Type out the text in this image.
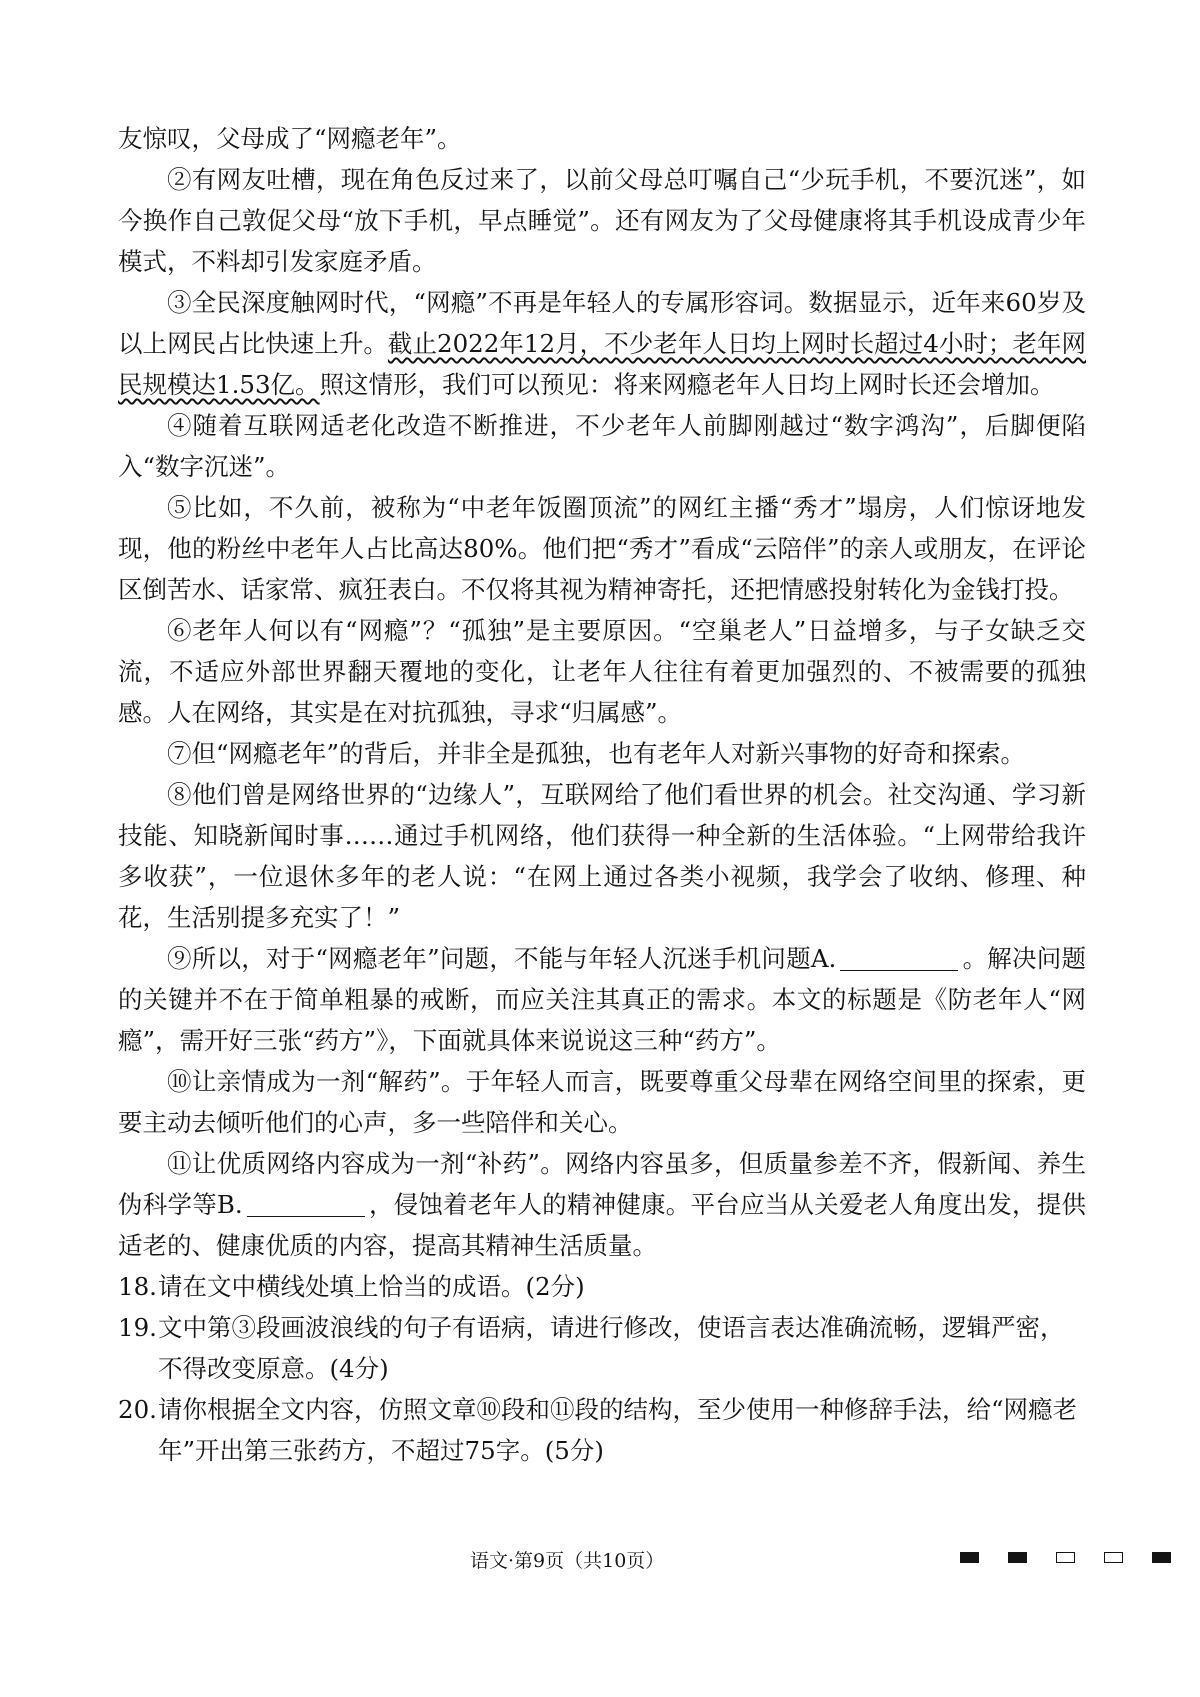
友惊叹，父母成了“网瘾老年”。

②有网友吐槽，现在角色反过来了，以前父母总叮嘱自己“少玩手机，不要沉迷”，如今换作自己敦促父母“放下手机，早点睡觉”。还有网友为了父母健康将其手机设成青少年模式，不料却引发家庭矛盾。

③全民深度触网时代，“网瘾”不再是年轻人的专属形容词。数据显示，近年来60岁及以上网民占比快速上升。截止2022年12月，不少老年人日均上网时长超过4小时；老年网民规模达1.53亿。照这情形，我们可以预见：将来网瘾老年人日均上网时长还会增加。

④随着互联网适老化改造不断推进，不少老年人前脚刚越过“数字鸿沟”，后脚便陷入“数字沉迷”。

⑤比如，不久前，被称为“中老年饭圈顶流”的网红主播“秀才”塌房，人们惊讶地发现，他的粉丝中老年人占比高达80%。他们把“秀才”看成“云陪伴”的亲人或朋友，在评论区倒苦水、话家常、疯狂表白。不仅将其视为精神寄托，还把情感投射转化为金钱打投。

⑥老年人何以有“网瘾”？“孤独”是主要原因。“空巢老人”日益增多，与子女缺乏交流，不适应外部世界翻天覆地的变化，让老年人往往有着更加强烈的、不被需要的孤独感。人在网络，其实是在对抗孤独，寻求“归属感”。

⑦但“网瘾老年”的背后，并非全是孤独，也有老年人对新兴事物的好奇和探索。

⑧他们曾是网络世界的“边缘人”，互联网给了他们看世界的机会。社交沟通、学习新技能、知晓新闻时事……通过手机网络，他们获得一种全新的生活体验。“上网带给我许多收获”，一位退休多年的老人说：“在网上通过各类小视频，我学会了收纳、修理、种花，生活别提多充实了！”

⑨所以，对于“网瘾老年”问题，不能与年轻人沉迷手机问题A.	。解决问题的关键并不在于简单粗暴的戒断，而应关注其真正的需求。本文的标题是《防老年人“网瘾”，需开好三张“药方”》，下面就具体来说说这三种“药方”。

⑩让亲情成为一剂“解药”。于年轻人而言，既要尊重父母辈在网络空间里的探索，更要主动去倾听他们的心声，多一些陪伴和关心。

⑪让优质网络内容成为一剂“补药”。网络内容虽多，但质量参差不齐，假新闻、养生伪科学等B.	，侵蚀着老年人的精神健康。平台应当从关爱老人角度出发，提供适老的、健康优质的内容，提高其精神生活质量。

18.请在文中横线处填上恰当的成语。(2分)

19.文中第③段画波浪线的句子有语病，请进行修改，使语言表达准确流畅，逻辑严密，不得改变原意。(4分)

20.请你根据全文内容，仿照文章⑩段和⑪段的结构，至少使用一种修辞手法，给“网瘾老年”开出第三张药方，不超过75字。(5分)

语文·第9页（共10页）
